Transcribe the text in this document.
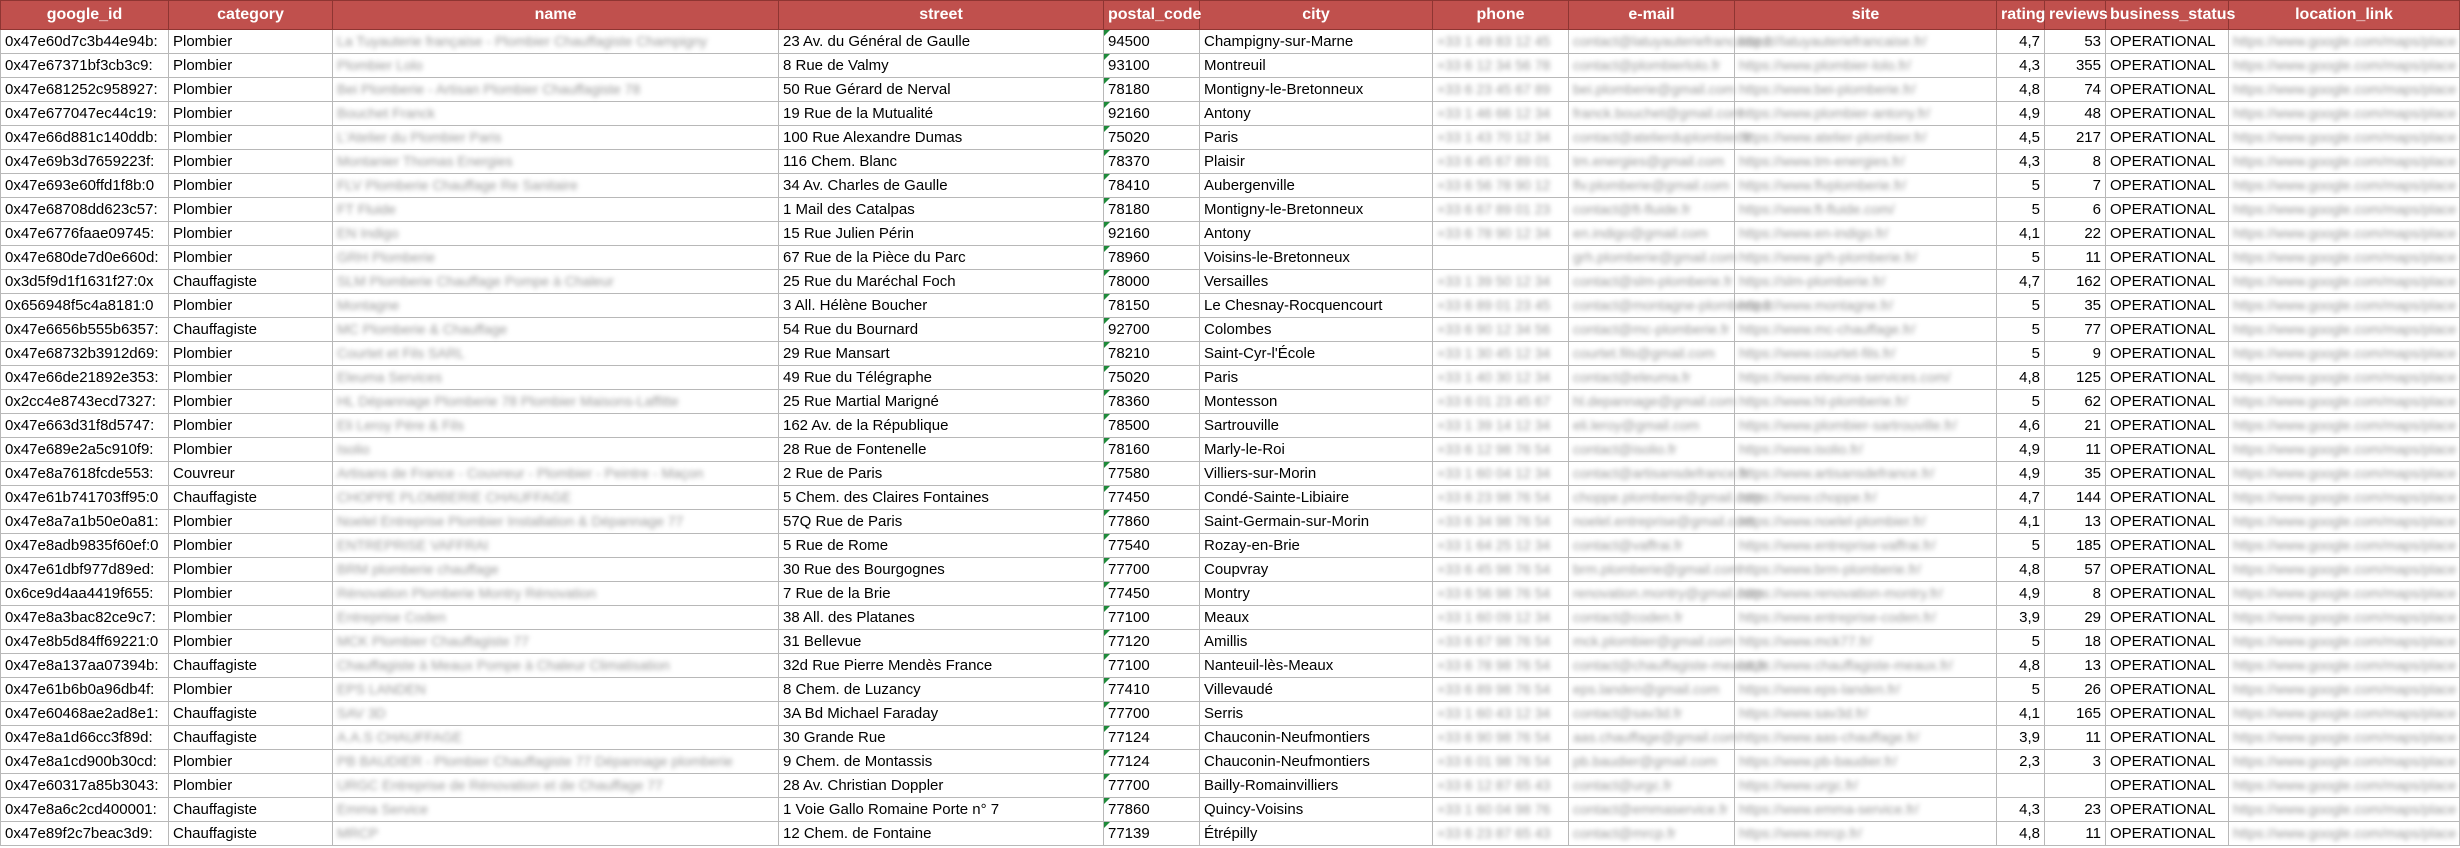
google_id	category	name	street	postal_code	city	phone	e-mail	site	rating	reviews	business_status	location_link
0x47e60d7c3b44e94b:	Plombier	La Tuyauterie française - Plombier Chauffagiste Champigny	23 Av. du Général de Gaulle	94500	Champigny-sur-Marne	+33 1 49 83 12 45	contact@latuyauteriefrancaise.fr	https://latuyauteriefrancaise.fr/	4,7	53	OPERATIONAL	https://www.google.com/maps/place
0x47e67371bf3cb3c9:	Plombier	Plombier Lolo	8 Rue de Valmy	93100	Montreuil	+33 6 12 34 56 78	contact@plombierlolo.fr	https://www.plombier-lolo.fr/	4,3	355	OPERATIONAL	https://www.google.com/maps/place
0x47e681252c958927:	Plombier	Bei Plomberie - Artisan Plombier Chauffagiste 78	50 Rue Gérard de Nerval	78180	Montigny-le-Bretonneux	+33 6 23 45 67 89	bei.plomberie@gmail.com	https://www.bei-plomberie.fr/	4,8	74	OPERATIONAL	https://www.google.com/maps/place
0x47e677047ec44c19:	Plombier	Bouchet Franck	19 Rue de la Mutualité	92160	Antony	+33 1 46 66 12 34	franck.bouchet@gmail.com	https://www.plombier-antony.fr/	4,9	48	OPERATIONAL	https://www.google.com/maps/place
0x47e66d881c140ddb:	Plombier	L'Atelier du Plombier Paris	100 Rue Alexandre Dumas	75020	Paris	+33 1 43 70 12 34	contact@atelierduplombier.fr	https://www.atelier-plombier.fr/	4,5	217	OPERATIONAL	https://www.google.com/maps/place
0x47e69b3d7659223f:	Plombier	Montanier Thomas Energies	116 Chem. Blanc	78370	Plaisir	+33 6 45 67 89 01	tm.energies@gmail.com	https://www.tm-energies.fr/	4,3	8	OPERATIONAL	https://www.google.com/maps/place
0x47e693e60ffd1f8b:0	Plombier	FLV Plomberie Chauffage Re Sanitaire	34 Av. Charles de Gaulle	78410	Aubergenville	+33 6 56 78 90 12	flv.plomberie@gmail.com	https://www.flvplomberie.fr/	5	7	OPERATIONAL	https://www.google.com/maps/place
0x47e68708dd623c57:	Plombier	FT Fluide	1 Mail des Catalpas	78180	Montigny-le-Bretonneux	+33 6 67 89 01 23	contact@ft-fluide.fr	https://www.ft-fluide.com/	5	6	OPERATIONAL	https://www.google.com/maps/place
0x47e6776faae09745:	Plombier	EN Indigo	15 Rue Julien Périn	92160	Antony	+33 6 78 90 12 34	en.indigo@gmail.com	https://www.en-indigo.fr/	4,1	22	OPERATIONAL	https://www.google.com/maps/place
0x47e680de7d0e660d:	Plombier	GRH Plomberie	67 Rue de la Pièce du Parc	78960	Voisins-le-Bretonneux		grh.plomberie@gmail.com	https://www.grh-plomberie.fr/	5	11	OPERATIONAL	https://www.google.com/maps/place
0x3d5f9d1f1631f27:0x	Chauffagiste	SLM Plomberie Chauffage Pompe à Chaleur	25 Rue du Maréchal Foch	78000	Versailles	+33 1 39 50 12 34	contact@slm-plomberie.fr	https://slm-plomberie.fr/	4,7	162	OPERATIONAL	https://www.google.com/maps/place
0x656948f5c4a8181:0	Plombier	Montagne	3 All. Hélène Boucher	78150	Le Chesnay-Rocquencourt	+33 6 89 01 23 45	contact@montagne-plomberie.fr	https://www.montagne.fr/	5	35	OPERATIONAL	https://www.google.com/maps/place
0x47e6656b555b6357:	Chauffagiste	MC Plomberie & Chauffage	54 Rue du Bournard	92700	Colombes	+33 6 90 12 34 56	contact@mc-plomberie.fr	https://www.mc-chauffage.fr/	5	77	OPERATIONAL	https://www.google.com/maps/place
0x47e68732b3912d69:	Plombier	Courtet et Fils SARL	29 Rue Mansart	78210	Saint-Cyr-l'École	+33 1 30 45 12 34	courtet.fils@gmail.com	https://www.courtet-fils.fr/	5	9	OPERATIONAL	https://www.google.com/maps/place
0x47e66de21892e353:	Plombier	Eleuma Services	49 Rue du Télégraphe	75020	Paris	+33 1 40 30 12 34	contact@eleuma.fr	https://www.eleuma-services.com/	4,8	125	OPERATIONAL	https://www.google.com/maps/place
0x2cc4e8743ecd7327:	Plombier	HL Dépannage Plomberie 78 Plombier Maisons-Laffitte	25 Rue Martial Marigné	78360	Montesson	+33 6 01 23 45 67	hl.depannage@gmail.com	https://www.hl-plomberie.fr/	5	62	OPERATIONAL	https://www.google.com/maps/place
0x47e663d31f8d5747:	Plombier	Eli Leroy Pére & Fils	162 Av. de la République	78500	Sartrouville	+33 1 39 14 12 34	eli.leroy@gmail.com	https://www.plombier-sartrouville.fr/	4,6	21	OPERATIONAL	https://www.google.com/maps/place
0x47e689e2a5c910f9:	Plombier	Isolio	28 Rue de Fontenelle	78160	Marly-le-Roi	+33 6 12 98 76 54	contact@isolio.fr	https://www.isolio.fr/	4,9	11	OPERATIONAL	https://www.google.com/maps/place
0x47e8a7618fcde553:	Couvreur	Artisans de France - Couvreur - Plombier - Peintre - Maçon	2 Rue de Paris	77580	Villiers-sur-Morin	+33 1 60 04 12 34	contact@artisansdefrance.fr	https://www.artisansdefrance.fr/	4,9	35	OPERATIONAL	https://www.google.com/maps/place
0x47e61b741703ff95:0	Chauffagiste	CHOPPE PLOMBERIE CHAUFFAGE	5 Chem. des Claires Fontaines	77450	Condé-Sainte-Libiaire	+33 6 23 98 76 54	choppe.plomberie@gmail.com	https://www.choppe.fr/	4,7	144	OPERATIONAL	https://www.google.com/maps/place
0x47e8a7a1b50e0a81:	Plombier	Noelel Entreprise Plombier Installation & Dépannage 77	57Q Rue de Paris	77860	Saint-Germain-sur-Morin	+33 6 34 98 76 54	noelel.entreprise@gmail.com	https://www.noelel-plombier.fr/	4,1	13	OPERATIONAL	https://www.google.com/maps/place
0x47e8adb9835f60ef:0	Plombier	ENTREPRISE VAFFRAI	5 Rue de Rome	77540	Rozay-en-Brie	+33 1 64 25 12 34	contact@vaffrai.fr	https://www.entreprise-vaffrai.fr/	5	185	OPERATIONAL	https://www.google.com/maps/place
0x47e61dbf977d89ed:	Plombier	BRM plomberie chauffage	30 Rue des Bourgognes	77700	Coupvray	+33 6 45 98 76 54	brm.plomberie@gmail.com	https://www.brm-plomberie.fr/	4,8	57	OPERATIONAL	https://www.google.com/maps/place
0x6ce9d4aa4419f655:	Plombier	Rénovation Plomberie Montry Rénovation	7 Rue de la Brie	77450	Montry	+33 6 56 98 76 54	renovation.montry@gmail.com	https://www.renovation-montry.fr/	4,9	8	OPERATIONAL	https://www.google.com/maps/place
0x47e8a3bac82ce9c7:	Plombier	Entreprise Coden	38 All. des Platanes	77100	Meaux	+33 1 60 09 12 34	contact@coden.fr	https://www.entreprise-coden.fr/	3,9	29	OPERATIONAL	https://www.google.com/maps/place
0x47e8b5d84ff69221:0	Plombier	MCK Plombier Chauffagiste 77	31 Bellevue	77120	Amillis	+33 6 67 98 76 54	mck.plombier@gmail.com	https://www.mck77.fr/	5	18	OPERATIONAL	https://www.google.com/maps/place
0x47e8a137aa07394b:	Chauffagiste	Chauffagiste à Meaux Pompe à Chaleur Climatisation	32d Rue Pierre Mendès France	77100	Nanteuil-lès-Meaux	+33 6 78 98 76 54	contact@chauffagiste-meaux.fr	https://www.chauffagiste-meaux.fr/	4,8	13	OPERATIONAL	https://www.google.com/maps/place
0x47e61b6b0a96db4f:	Plombier	EPS LANDEN	8 Chem. de Luzancy	77410	Villevaudé	+33 6 89 98 76 54	eps.landen@gmail.com	https://www.eps-landen.fr/	5	26	OPERATIONAL	https://www.google.com/maps/place
0x47e60468ae2ad8e1:	Chauffagiste	SAV 3D	3A Bd Michael Faraday	77700	Serris	+33 1 60 43 12 34	contact@sav3d.fr	https://www.sav3d.fr/	4,1	165	OPERATIONAL	https://www.google.com/maps/place
0x47e8a1d66cc3f89d:	Chauffagiste	A.A.S CHAUFFAGE	30 Grande Rue	77124	Chauconin-Neufmontiers	+33 6 90 98 76 54	aas.chauffage@gmail.com	https://www.aas-chauffage.fr/	3,9	11	OPERATIONAL	https://www.google.com/maps/place
0x47e8a1cd900b30cd:	Plombier	PB BAUDIER - Plombier Chauffagiste 77 Dépannage plomberie	9 Chem. de Montassis	77124	Chauconin-Neufmontiers	+33 6 01 98 76 54	pb.baudier@gmail.com	https://www.pb-baudier.fr/	2,3	3	OPERATIONAL	https://www.google.com/maps/place
0x47e60317a85b3043:	Plombier	URGC Entreprise de Rénovation et de Chauffage 77	28 Av. Christian Doppler	77700	Bailly-Romainvilliers	+33 6 12 87 65 43	contact@urgc.fr	https://www.urgc.fr/			OPERATIONAL	https://www.google.com/maps/place
0x47e8a6c2cd400001:	Chauffagiste	Emma Service	1 Voie Gallo Romaine Porte n° 7	77860	Quincy-Voisins	+33 1 60 04 98 76	contact@emmaservice.fr	https://www.emma-service.fr/	4,3	23	OPERATIONAL	https://www.google.com/maps/place
0x47e89f2c7beac3d9:	Chauffagiste	MRCP	12 Chem. de Fontaine	77139	Étrépilly	+33 6 23 87 65 43	contact@mrcp.fr	https://www.mrcp.fr/	4,8	11	OPERATIONAL	https://www.google.com/maps/place
